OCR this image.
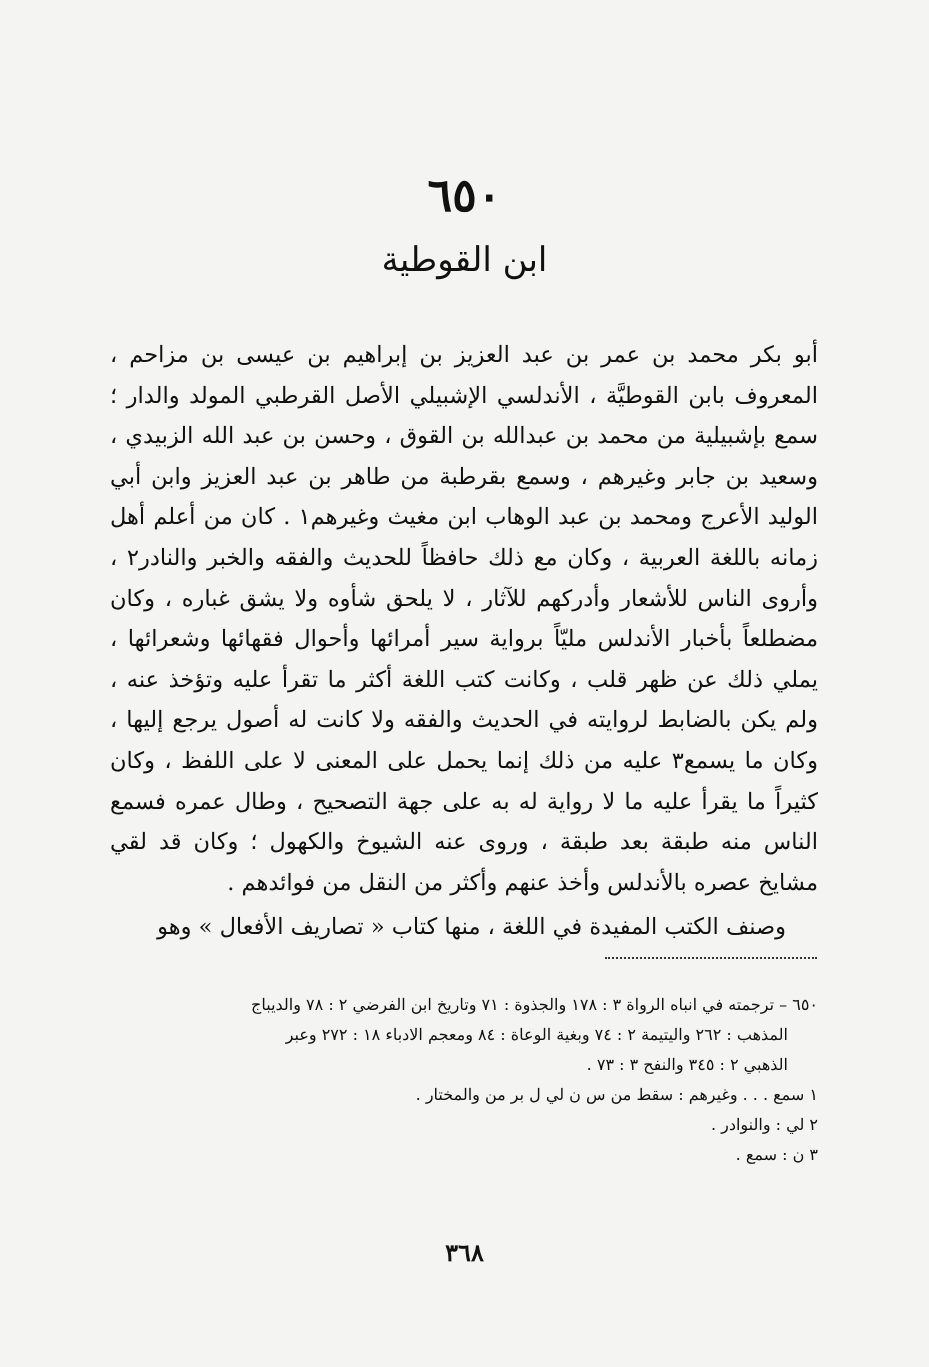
٦٥٠
ابن القوطية

أبو بكر محمد بن عمر بن عبد العزيز بن إبراهيم بن عيسى بن مزاحم ، المعروف بابن القوطيَّة ، الأندلسي الإشبيلي الأصل القرطبي المولد والدار ؛ سمع بإشبيلية من محمد بن عبدالله بن القوق ، وحسن بن عبد الله الزبيدي ، وسعيد بن جابر وغيرهم ، وسمع بقرطبة من طاهر بن عبد العزيز وابن أبي الوليد الأعرج ومحمد بن عبد الوهاب ابن مغيث وغيرهم١ . كان من أعلم أهل زمانه باللغة العربية ، وكان مع ذلك حافظاً للحديث والفقه والخبر والنادر٢ ، وأروى الناس للأشعار وأدركهم للآثار ، لا يلحق شأوه ولا يشق غباره ، وكان مضطلعاً بأخبار الأندلس مليّاً برواية سير أمرائها وأحوال فقهائها وشعرائها ، يملي ذلك عن ظهر قلب ، وكانت كتب اللغة أكثر ما تقرأ عليه وتؤخذ عنه ، ولم يكن بالضابط لروايته في الحديث والفقه ولا كانت له أصول يرجع إليها ، وكان ما يسمع٣ عليه من ذلك إنما يحمل على المعنى لا على اللفظ ، وكان كثيراً ما يقرأ عليه ما لا رواية له به على جهة التصحيح ، وطال عمره فسمع الناس منه طبقة بعد طبقة ، وروى عنه الشيوخ والكهول ؛ وكان قد لقي مشايخ عصره بالأندلس وأخذ عنهم وأكثر من النقل من فوائدهم .

وصنف الكتب المفيدة في اللغة ، منها كتاب « تصاريف الأفعال » وهو

٦٥٠ – ترجمته في انباه الرواة ٣ : ١٧٨ والجذوة : ٧١ وتاريخ ابن الفرضي ٢ : ٧٨ والديباج
المذهب : ٢٦٢ واليتيمة ٢ : ٧٤ وبغية الوعاة : ٨٤ ومعجم الادباء ١٨ : ٢٧٢ وعبر
الذهبي ٢ : ٣٤٥ والنفح ٣ : ٧٣ .
١ سمع . . . وغيرهم : سقط من س ن لي ل بر من والمختار .
٢ لي : والنوادر .
٣ ن : سمع .
٣٦٨
